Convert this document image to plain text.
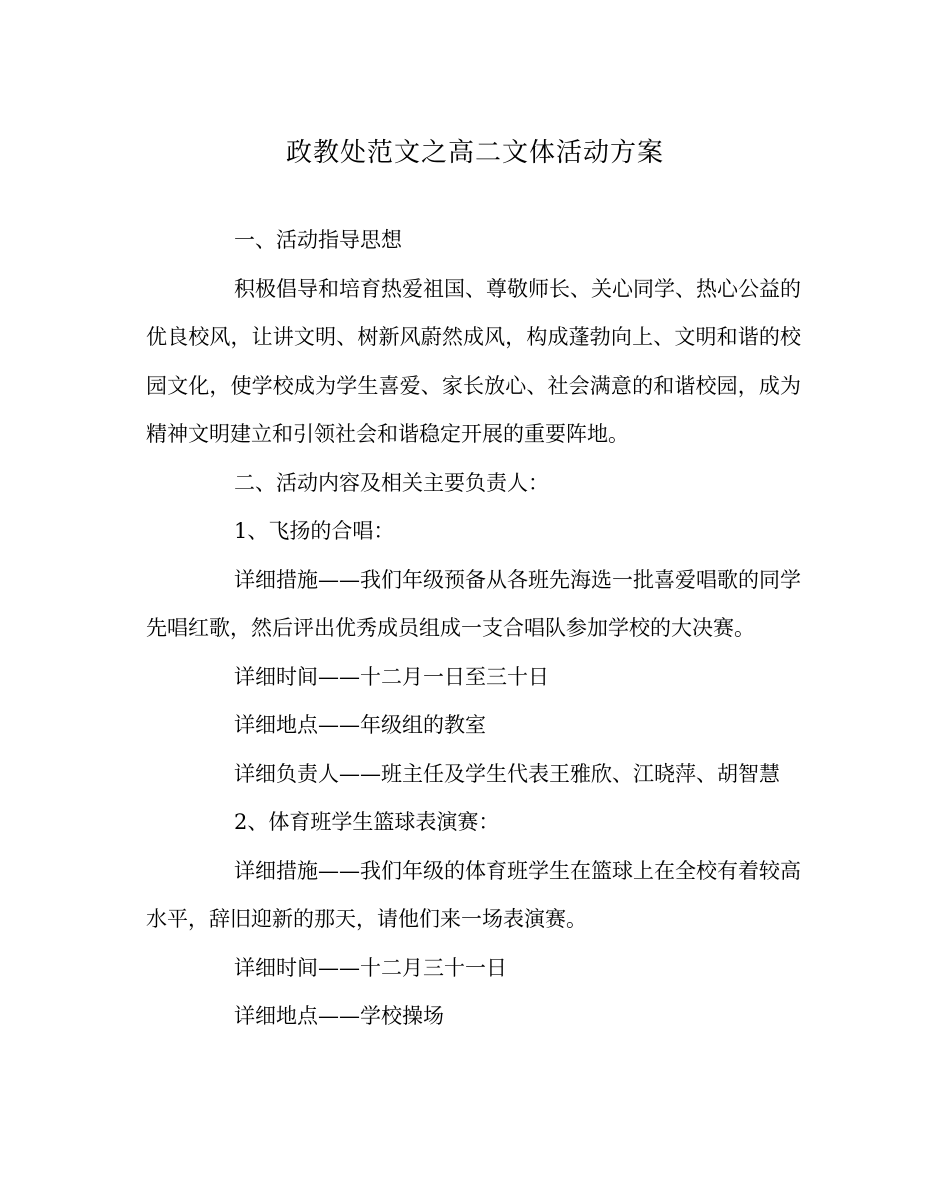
政教处范文之高二文体活动方案

一、活动指导思想

积极倡导和培育热爱祖国、尊敬师长、关心同学、热心公益的优良校风，让讲文明、树新风蔚然成风，构成蓬勃向上、文明和谐的校园文化，使学校成为学生喜爱、家长放心、社会满意的和谐校园，成为精神文明建立和引领社会和谐稳定开展的重要阵地。

二、活动内容及相关主要负责人：

1、飞扬的合唱：

详细措施——我们年级预备从各班先海选一批喜爱唱歌的同学先唱红歌，然后评出优秀成员组成一支合唱队参加学校的大决赛。

详细时间——十二月一日至三十日

详细地点——年级组的教室

详细负责人——班主任及学生代表王雅欣、江晓萍、胡智慧

2、体育班学生篮球表演赛：

详细措施——我们年级的体育班学生在篮球上在全校有着较高水平，辞旧迎新的那天，请他们来一场表演赛。

详细时间——十二月三十一日

详细地点——学校操场
